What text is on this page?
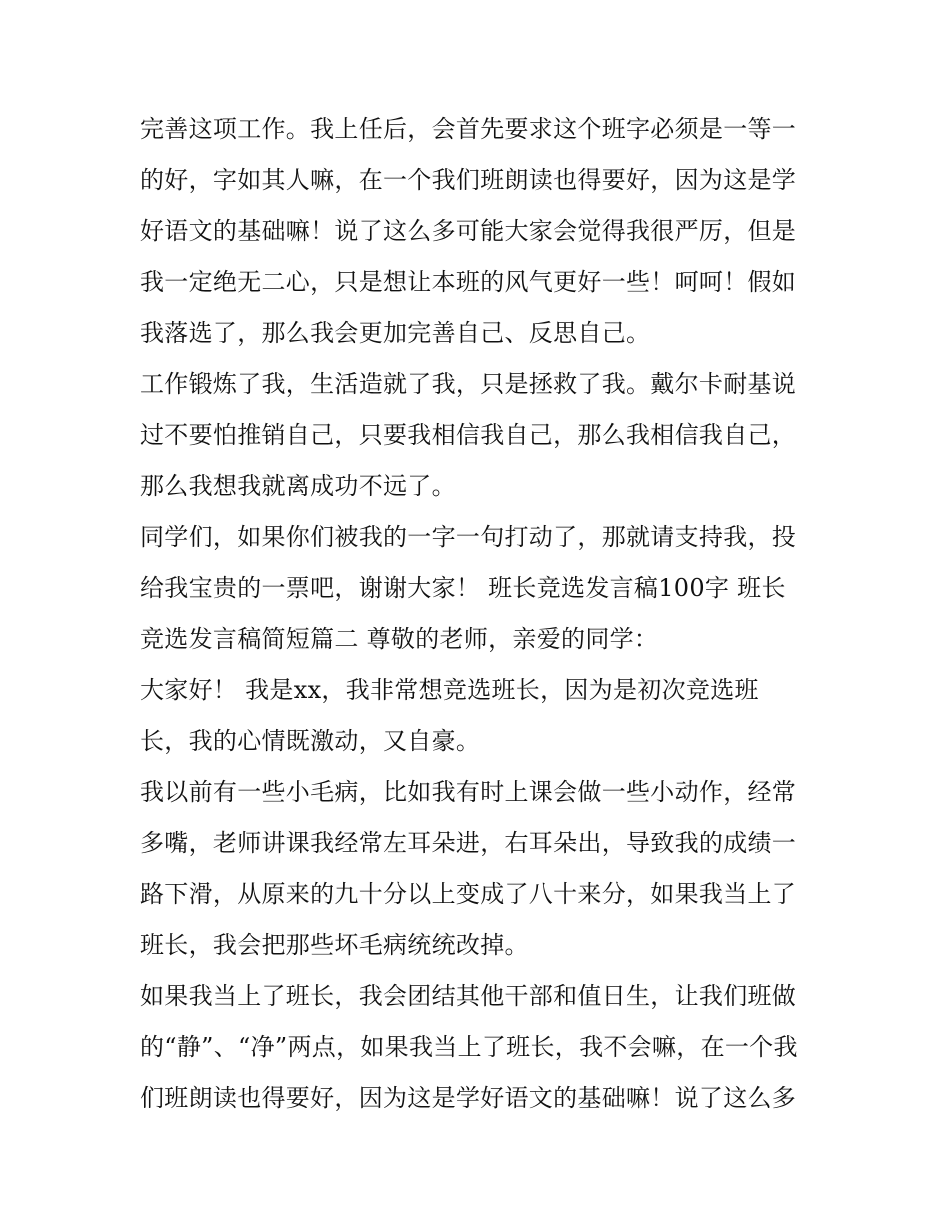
完善这项工作。我上任后，会首先要求这个班字必须是一等一
的好，字如其人嘛，在一个我们班朗读也得要好，因为这是学
好语文的基础嘛！说了这么多可能大家会觉得我很严厉，但是
我一定绝无二心，只是想让本班的风气更好一些！呵呵！假如
我落选了，那么我会更加完善自己、反思自己。
工作锻炼了我，生活造就了我，只是拯救了我。戴尔卡耐基说
过不要怕推销自己，只要我相信我自己，那么我相信我自己，
那么我想我就离成功不远了。
同学们，如果你们被我的一字一句打动了，那就请支持我，投
给我宝贵的一票吧，谢谢大家！ 班长竞选发言稿100字 班长
竞选发言稿简短篇二 尊敬的老师，亲爱的同学：
大家好！ 我是xx，我非常想竞选班长，因为是初次竞选班
长，我的心情既激动，又自豪。
我以前有一些小毛病，比如我有时上课会做一些小动作，经常
多嘴，老师讲课我经常左耳朵进，右耳朵出，导致我的成绩一
路下滑，从原来的九十分以上变成了八十来分，如果我当上了
班长，我会把那些坏毛病统统改掉。
如果我当上了班长，我会团结其他干部和值日生，让我们班做
的“静”、“净”两点，如果我当上了班长，我不会嘛，在一个我
们班朗读也得要好，因为这是学好语文的基础嘛！说了这么多
